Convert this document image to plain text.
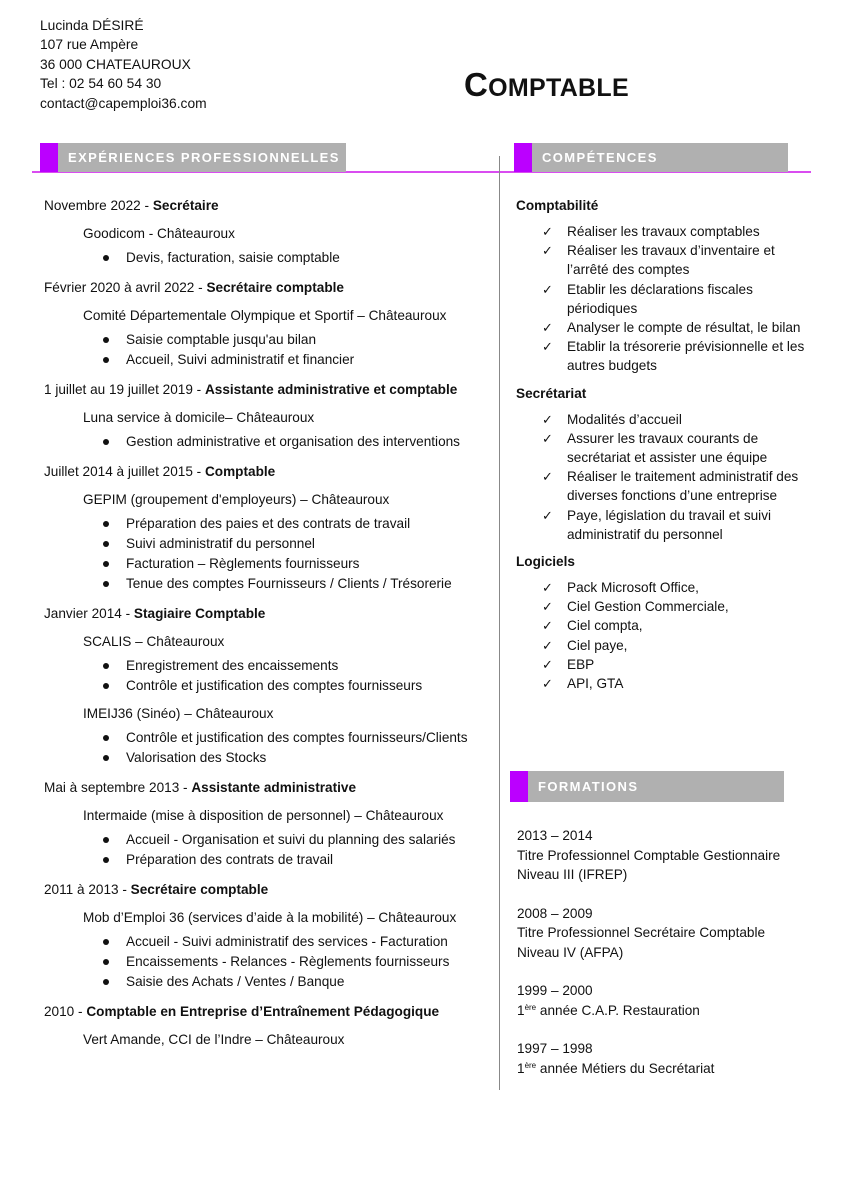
Lucinda DÉSIRÉ
107 rue Ampère
36 000 CHATEAUROUX
Tel : 02 54 60 54 30
contact@capemploi36.com
COMPTABLE
EXPÉRIENCES PROFESSIONNELLES	COMPÉTENCES
FORMATIONS
Novembre 2022 - Secrétaire
Goodicom - Châteauroux
Devis, facturation, saisie comptable
Février 2020 à avril 2022 - Secrétaire comptable
Comité Départementale Olympique et Sportif – Châteauroux
Saisie comptable jusqu'au bilan
Accueil, Suivi administratif et financier
1 juillet au 19 juillet 2019 - Assistante administrative et comptable
Luna service à domicile– Châteauroux
Gestion administrative et organisation des interventions
Juillet 2014 à juillet 2015 - Comptable
GEPIM (groupement d'employeurs) – Châteauroux
Préparation des paies et des contrats de travail
Suivi administratif du personnel
Facturation – Règlements fournisseurs
Tenue des comptes Fournisseurs / Clients / Trésorerie
Janvier 2014 - Stagiaire Comptable
SCALIS – Châteauroux
Enregistrement des encaissements
Contrôle et justification des comptes fournisseurs
IMEIJ36 (Sinéo) – Châteauroux
Contrôle et justification des comptes fournisseurs/Clients
Valorisation des Stocks
Mai à septembre 2013 - Assistante administrative
Intermaide (mise à disposition de personnel) – Châteauroux
Accueil - Organisation et suivi du planning des salariés
Préparation des contrats de travail
2011 à 2013 - Secrétaire comptable
Mob d’Emploi 36 (services d’aide à la mobilité) – Châteauroux
Accueil - Suivi administratif des services - Facturation
Encaissements - Relances - Règlements fournisseurs
Saisie des Achats / Ventes / Banque
2010 - Comptable en Entreprise d’Entraînement Pédagogique
Vert Amande, CCI de l’Indre – Châteauroux
Comptabilité
✓ Réaliser les travaux comptables
✓ Réaliser les travaux d’inventaire et l’arrêté des comptes
✓ Etablir les déclarations fiscales périodiques
✓ Analyser le compte de résultat, le bilan
✓ Etablir la trésorerie prévisionnelle et les autres budgets
Secrétariat
✓ Modalités d’accueil
✓ Assurer les travaux courants de secrétariat et assister une équipe
✓ Réaliser le traitement administratif des diverses fonctions d’une entreprise
✓ Paye, législation du travail et suivi administratif du personnel
Logiciels
✓ Pack Microsoft Office,
✓ Ciel Gestion Commerciale,
✓ Ciel compta,
✓ Ciel paye,
✓ EBP
✓ API, GTA
2013 – 2014
Titre Professionnel Comptable Gestionnaire
Niveau III (IFREP)
2008 – 2009
Titre Professionnel Secrétaire Comptable
Niveau IV (AFPA)
1999 – 2000
1ère année C.A.P. Restauration
1997 – 1998
1ère année Métiers du Secrétariat
